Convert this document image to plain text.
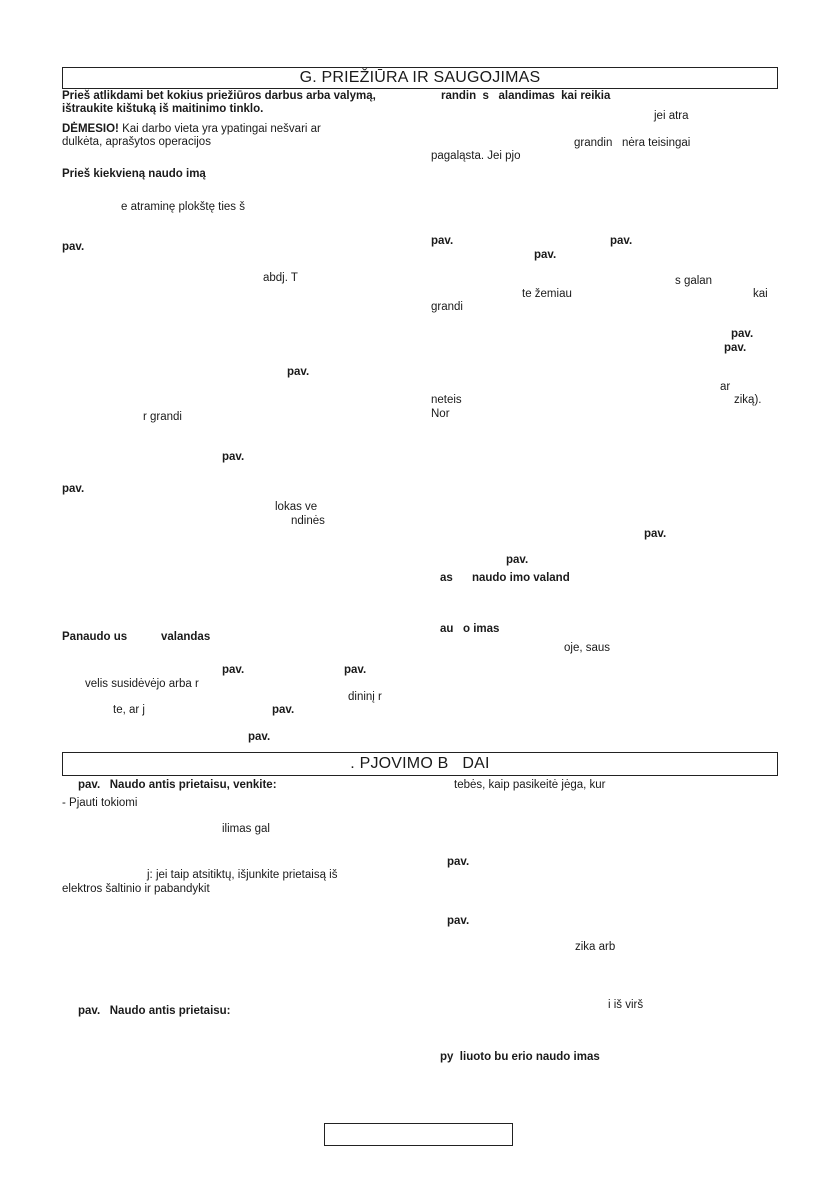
G. PRIEŽIŪRA IR SAUGOJIMAS
Prieš atlikdami bet kokius priežiūros darbus arba valymą,
ištraukite kištuką iš maitinimo tinklo.
DĖMESIO! Kai darbo vieta yra ypatingai nešvari ar
dulkėta, aprašytos operacijos
Prieš kiekvieną naudo imą
e atraminę plokštę ties š
pav.
abdj. T
pav.
r grandi
pav.
pav.
lokas ve
ndinės
Panaudo us	valandas
pav.	pav.
velis susidėvėjo arba r
dininį r
te, ar j	pav.
pav.
randin  s   alandimas  kai reikia
jei atra
grandin   nėra teisingai
pagaląsta. Jei pjo
pav.	pav.
pav.
s galan
te žemiau	kai
grandi
pav.
pav.
ar
neteis	ziką).
Nor
pav.
pav.
as      naudo imo valand
au   o imas
oje, saus
. PJOVIMO B   DAI
pav.   Naudo antis prietaisu, venkite:
- Pjauti tokiomi
ilimas gal
j: jei taip atsitiktų, išjunkite prietaisą iš
elektros šaltinio ir pabandykit
pav.   Naudo antis prietaisu:
tebės, kaip pasikeitė jėga, kur
pav.
pav.
zika arb
i iš virš
py  liuoto bu erio naudo imas
